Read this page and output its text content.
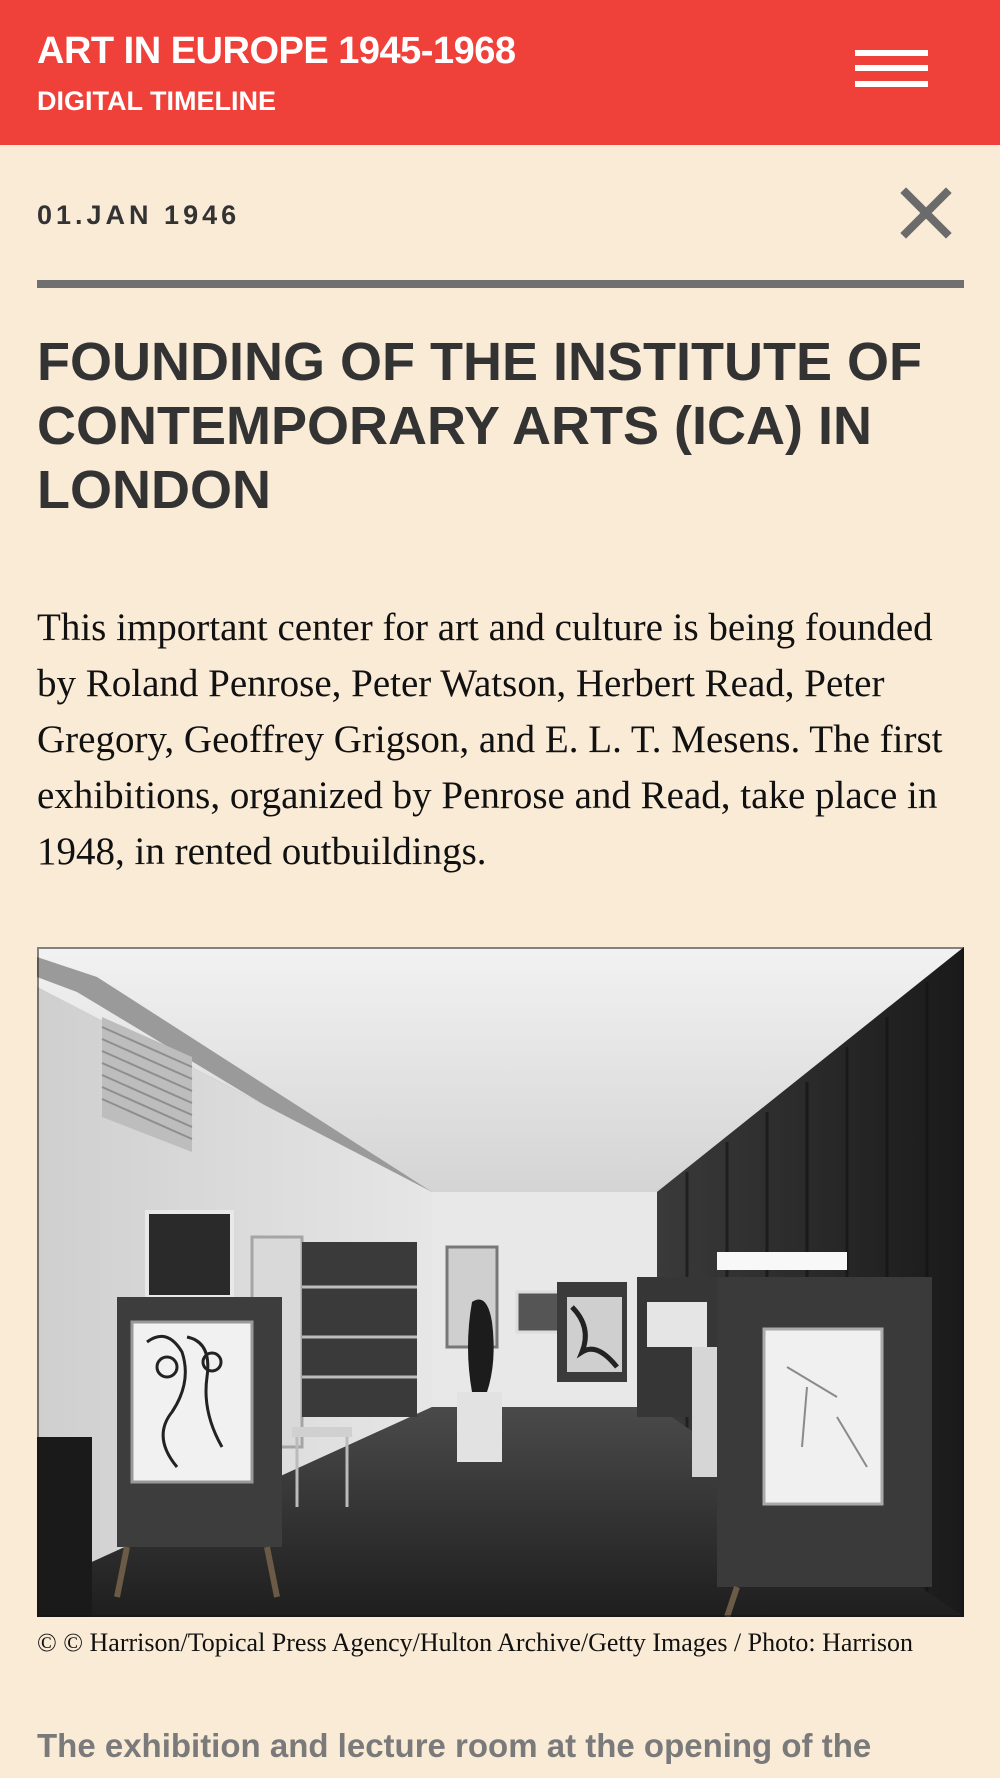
ART IN EUROPE 1945-1968
DIGITAL TIMELINE
01.JAN 1946
FOUNDING OF THE INSTITUTE OF CONTEMPORARY ARTS (ICA) IN LONDON

This important center for art and culture is being founded by Roland Penrose, Peter Watson, Herbert Read, Peter Gregory, Geoffrey Grigson, and E. L. T. Mesens. The first exhibitions, organized by Penrose and Read, take place in 1948, in rented outbuildings.

© © Harrison/Topical Press Agency/Hulton Archive/Getty Images / Photo: Harrison
The exhibition and lecture room at the opening of the
